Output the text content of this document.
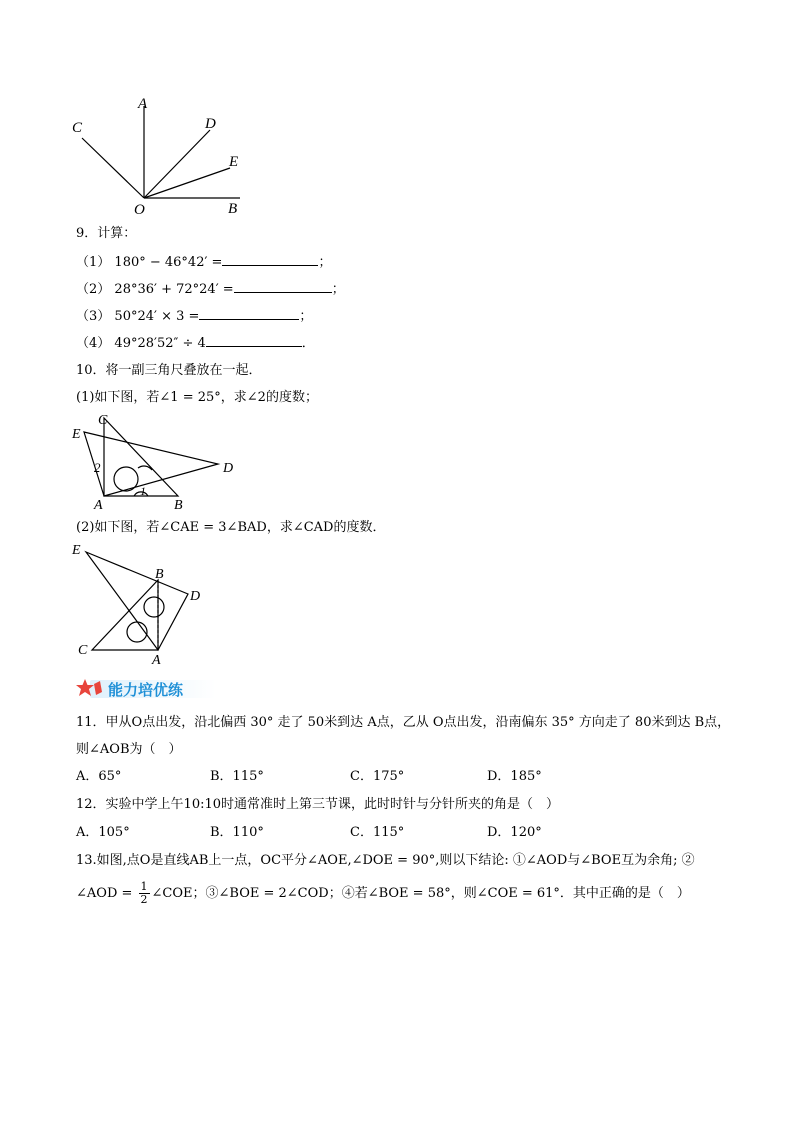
A
C	D
E
O	B
9．计算：
（1） 180° − 46°42′ =	；
（2） 28°36′ + 72°24′ =	；
（3） 50°24′ × 3 =	；
（4） 49°28′52″ ÷ 4	．
10．将一副三角尺叠放在一起．
(1)如下图，若∠1 = 25°，求∠2的度数；
E
C
D
2
1
A	B
(2)如下图，若∠CAE = 3∠BAD，求∠CAD的度数．
E
B
D
C
A
能力培优练
11．甲从O点出发，沿北偏西 30° 走了 50米到达 A点，乙从 O点出发，沿南偏东 35° 方向走了 80米到达 B点，
则∠AOB为（　）
A．65°	B．115°	C．175°	D．185°
12．实验中学上午10:10时通常准时上第三节课，此时时针与分针所夹的角是（　）
A．105°	B．110°	C．115°	D．120°
13.如图,点O是直线AB上一点，OC平分∠AOE,∠DOE = 90°,则以下结论: ①∠AOD与∠BOE互为余角; ②
∠AOD = $\frac{1}{2}$ ∠COE；③∠BOE = 2∠COD；④若∠BOE = 58°，则∠COE = 61°．其中正确的是（　）
